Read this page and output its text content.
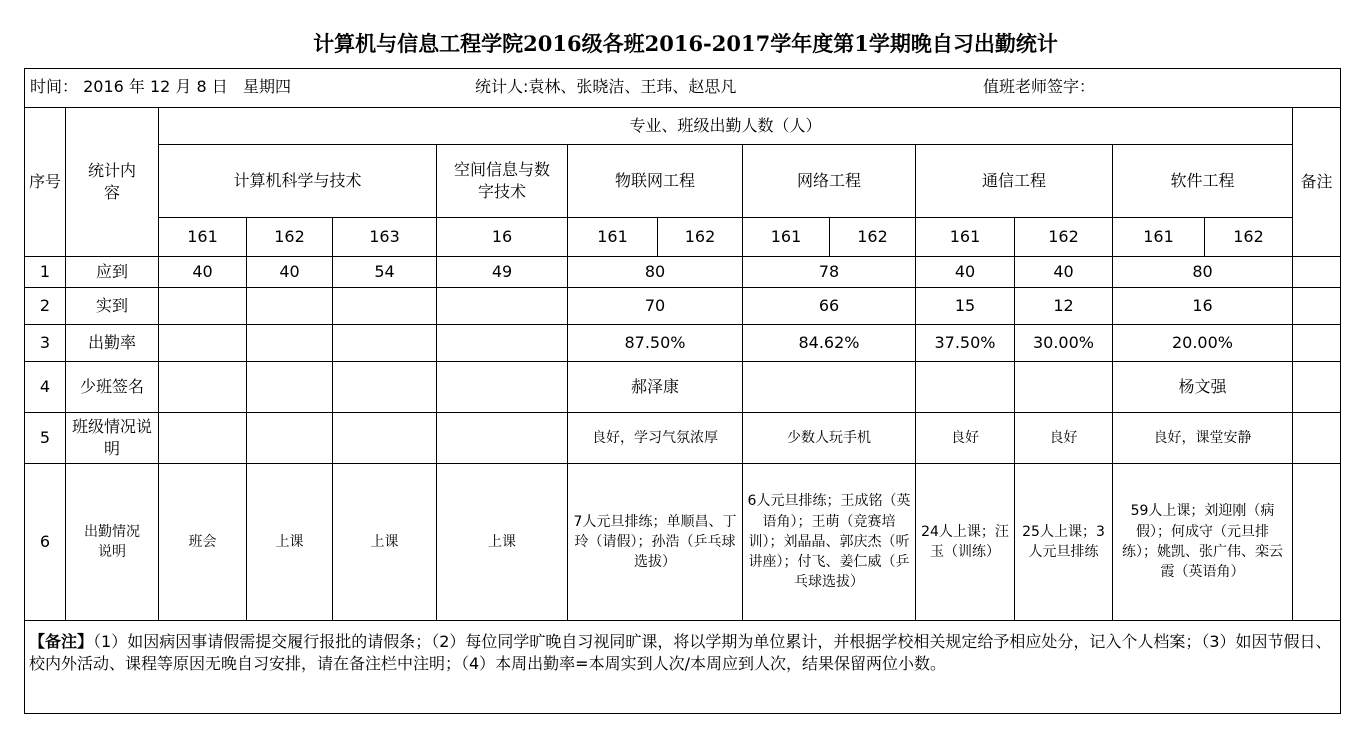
计算机与信息工程学院2016级各班2016-2017学年度第1学期晚自习出勤统计
时间： 2016 年 12 月 8 日   星期四 统计人:袁林、张晓洁、王玮、赵思凡 值班老师签字：														

序号	统计内容	专业、班级出勤人数（人）												备注
		计算机科学与技术			空间信息与数字技术	物联网工程		网络工程		通信工程		软件工程		
		161	162	163	16	161	162	161	162	161	162	161	162	
1	应到	40	40	54	49	80		78		40	40	80		
2	实到					70		66		15	12	16		
3	出勤率					87.50%		84.62%		37.50%	30.00%	20.00%		
4	少班签名					郝泽康						杨文强		
5	班级情况说明					良好，学习气氛浓厚		少数人玩手机		良好	良好	良好，课堂安静		
6	出勤情况说明	班会	上课	上课	上课	7人元旦排练；单顺昌、丁玲（请假）；孙浩（乒乓球选拔）		6人元旦排练；王成铭（英语角）；王萌（竞赛培训）；刘晶晶、郭庆杰（听讲座）；付飞、姜仁威（乒乓球选拔）		24人上课；汪玉（训练）	25人上课；3人元旦排练	59人上课；刘迎刚（病假）；何成守（元旦排练）；姚凯、张广伟、栾云霞（英语角）		
【备注】（1）如因病因事请假需提交履行报批的请假条；（2）每位同学旷晚自习视同旷课，将以学期为单位累计，并根据学校相关规定给予相应处分，记入个人档案；（3）如因节假日、校内外活动、课程等原因无晚自习安排，请在备注栏中注明；（4）本周出勤率=本周实到人次/本周应到人次，结果保留两位小数。														
